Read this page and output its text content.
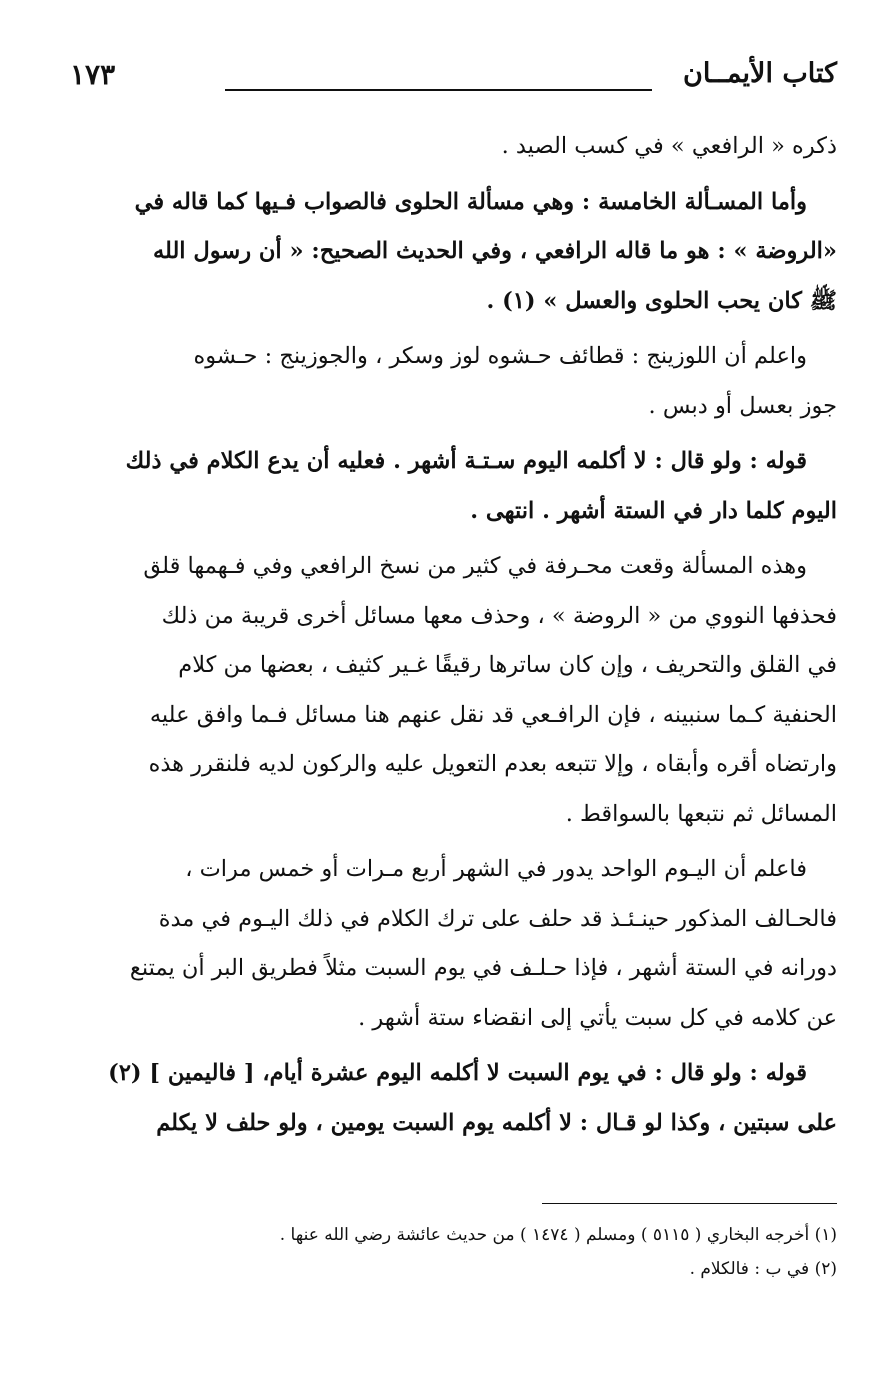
كتاب الأيمــان
١٧٣
ذكره « الرافعي » في كسب الصيد .
وأما المسـألة الخامسة : وهي مسألة الحلوى فالصواب فـيها كما قاله في
«الروضة » : هو ما قاله الرافعي ، وفي الحديث الصحيح: « أن رسول الله
ﷺ كان يحب الحلوى والعسل » (١) .
واعلم أن اللوزينج : قطائف حـشوه لوز وسكر ، والجوزينج : حـشوه
جوز بعسل أو دبس .
قوله : ولو قال : لا أكلمه اليوم سـتـة أشهر . فعليه أن يدع الكلام في ذلك
اليوم كلما دار في الستة أشهر . انتهى .
وهذه المسألة وقعت محـرفة في كثير من نسخ الرافعي وفي فـهمها قلق
فحذفها النووي من « الروضة » ، وحذف معها مسائل أخرى قريبة من ذلك
في القلق والتحريف ، وإن كان ساترها رقيقًا غـير كثيف ، بعضها من كلام
الحنفية كـما سنبينه ، فإن الرافـعي قد نقل عنهم هنا مسائل فـما وافق عليه
وارتضاه أقره وأبقاه ، وإلا تتبعه بعدم التعويل عليه والركون لديه فلنقرر هذه
المسائل ثم نتبعها بالسواقط .
فاعلم أن اليـوم الواحد يدور في الشهر أربع مـرات أو خمس مرات ،
فالحـالف المذكور حينـئـذ قد حلف على ترك الكلام في ذلك اليـوم في مدة
دورانه في الستة أشهر ، فإذا حـلـف في يوم السبت مثلاً فطريق البر أن يمتنع
عن كلامه في كل سبت يأتي إلى انقضاء ستة أشهر .
قوله : ولو قال : في يوم السبت لا أكلمه اليوم عشرة أيام، [ فاليمين ] (٢)
على سبتين ، وكذا لو قـال : لا أكلمه يوم السبت يومين ، ولو حلف لا يكلم
(١) أخرجه البخاري ( ٥١١٥ ) ومسلم ( ١٤٧٤ ) من حديث عائشة رضي الله عنها .
(٢) في ب : فالكلام .
